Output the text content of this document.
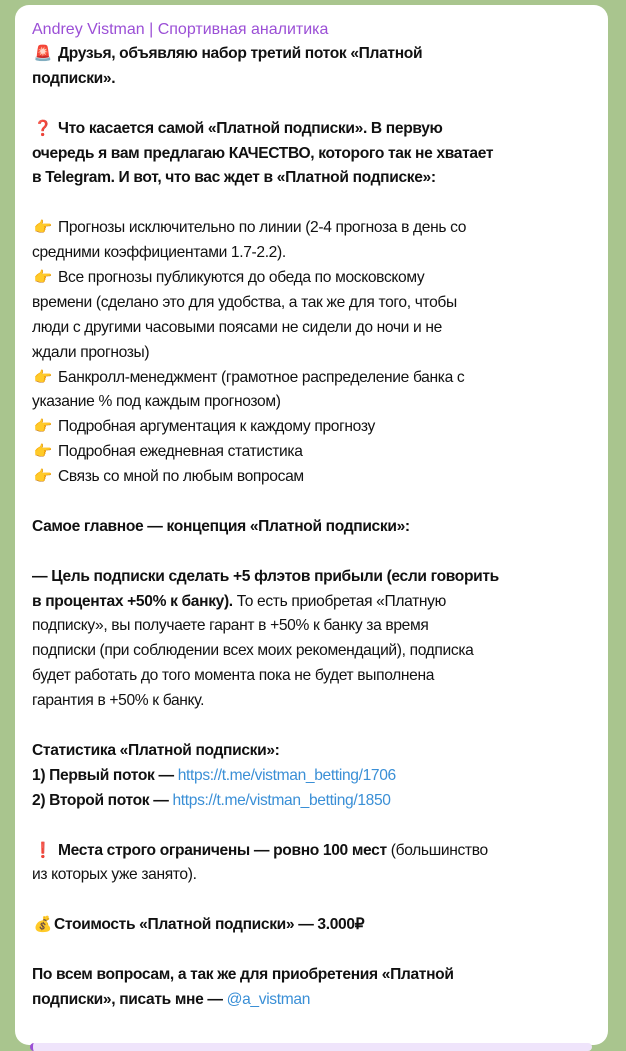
Andrey Vistman | Спортивная аналитика
🚨 Друзья, объявляю набор третий поток «Платной
подписки».
❓ Что касается самой «Платной подписки». В первую
очередь я вам предлагаю КАЧЕСТВО, которого так не хватает
в Telegram. И вот, что вас ждет в «Платной подписке»:
👉 Прогнозы исключительно по линии (2-4 прогноза в день со
средними коэффициентами 1.7-2.2).
👉 Все прогнозы публикуются до обеда по московскому
времени (сделано это для удобства, а так же для того, чтобы
люди с другими часовыми поясами не сидели до ночи и не
ждали прогнозы)
👉 Банкролл-менеджмент (грамотное распределение банка с
указание % под каждым прогнозом)
👉 Подробная аргументация к каждому прогнозу
👉 Подробная ежедневная статистика
👉 Связь со мной по любым вопросам
Самое главное — концепция «Платной подписки»:
— Цель подписки сделать +5 флэтов прибыли (если говорить
в процентах +50% к банку). То есть приобретая «Платную
подписку», вы получаете гарант в +50% к банку за время
подписки (при соблюдении всех моих рекомендаций), подписка
будет работать до того момента пока не будет выполнена
гарантия в +50% к банку.
Статистика «Платной подписки»:
1) Первый поток — https://t.me/vistman_betting/1706
2) Второй поток — https://t.me/vistman_betting/1850
❗ Места строго ограничены — ровно 100 мест (большинство
из которых уже занято).
💰 Стоимость «Платной подписки» — 3.000₽
По всем вопросам, а так же для приобретения «Платной
подписки», писать мне — @a_vistman
